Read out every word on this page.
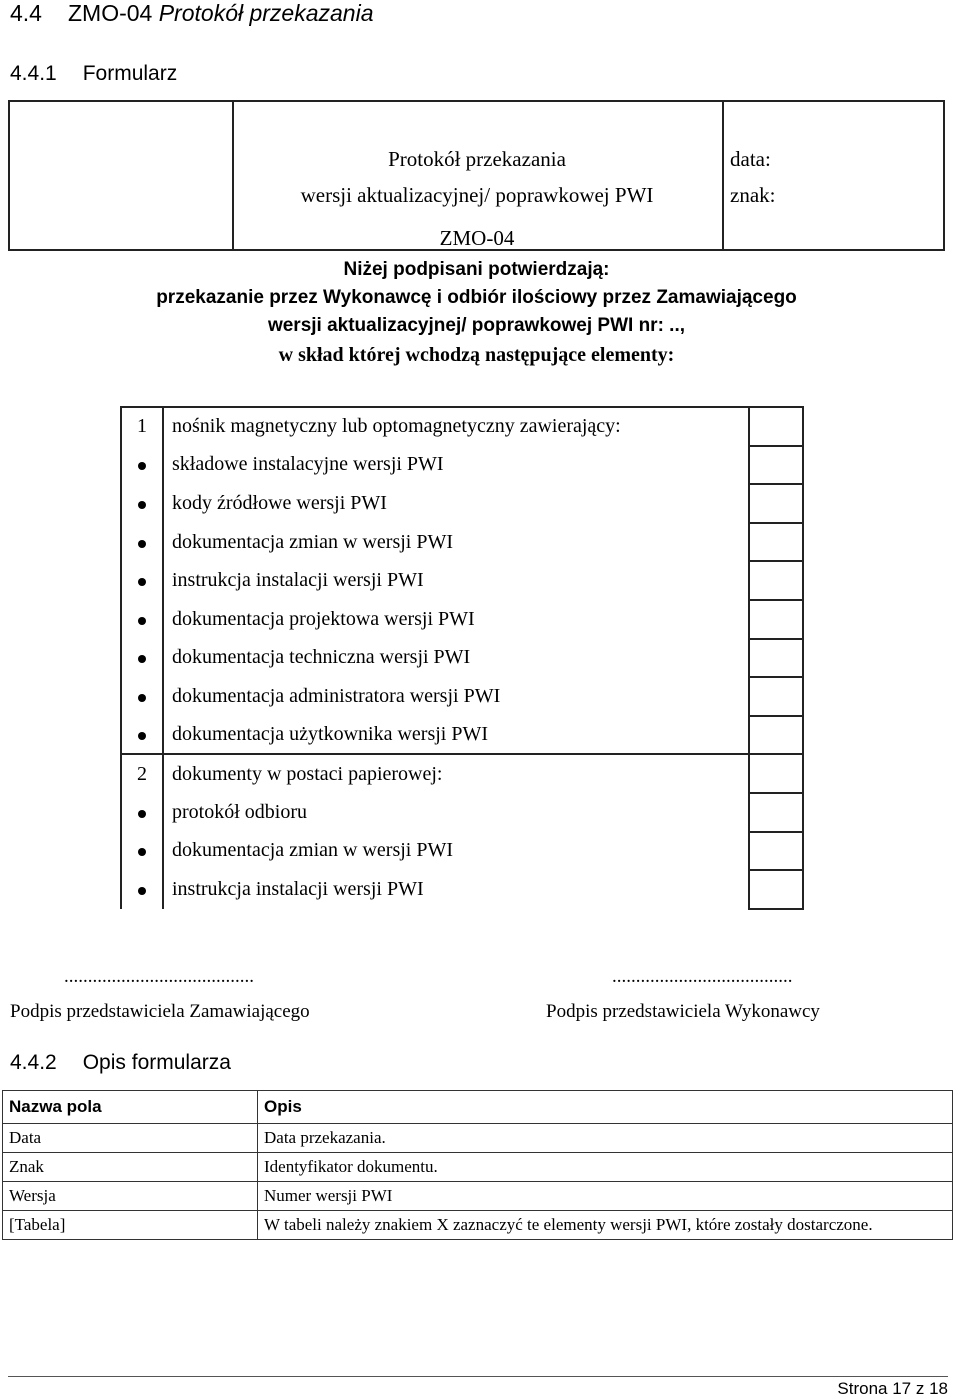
4.4 ZMO-04 Protokół przekazania
4.4.1 Formularz
Protokół przekazania
wersji aktualizacyjnej/ poprawkowej PWI
ZMO-04
data:
znak:
Niżej podpisani potwierdzają:
przekazanie przez Wykonawcę i odbiór ilościowy przez Zamawiającego
wersji aktualizacyjnej/ poprawkowej PWI nr: ..,
w skład której wchodzą następujące elementy:
1	nośnik magnetyczny lub optomagnetyczny zawierający:	
	składowe instalacyjne wersji PWI	
	kody źródłowe wersji PWI	
	dokumentacja zmian w wersji PWI	
	instrukcja instalacji wersji PWI	
	dokumentacja projektowa wersji PWI	
	dokumentacja techniczna wersji PWI	
	dokumentacja administratora wersji PWI	
	dokumentacja użytkownika wersji PWI	
2	dokumenty w postaci papierowej:	
	protokół odbioru	
	dokumentacja zmian w wersji PWI	
	instrukcja instalacji wersji PWI	
........................................
Podpis przedstawiciela Zamawiającego
......................................
Podpis przedstawiciela Wykonawcy
4.4.2 Opis formularza
Nazwa pola	Opis
Data	Data przekazania.
Znak	Identyfikator dokumentu.
Wersja	Numer wersji PWI
[Tabela]	W tabeli należy znakiem X zaznaczyć te elementy wersji PWI, które zostały dostarczone.
Strona 17 z 18
